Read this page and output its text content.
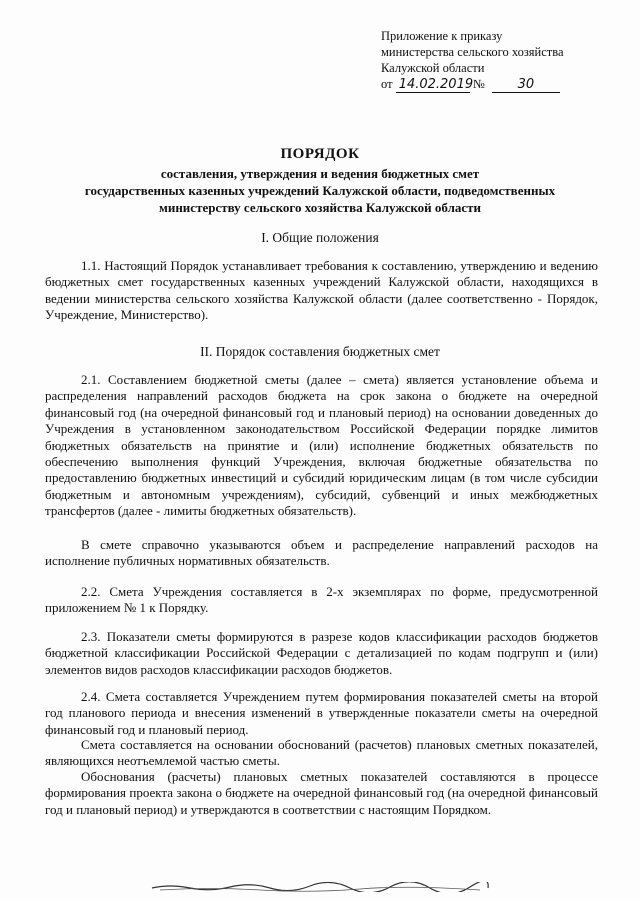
Приложение к приказу
министерства сельского хозяйства
Калужской области
от 14.02.2019 №	30
ПОРЯДОК
составления, утверждения и ведения бюджетных смет
государственных казенных учреждений Калужской области, подведомственных
министерству сельского хозяйства Калужской области
I. Общие положения

1.1. Настоящий Порядок устанавливает требования к составлению, утверждению и ведению бюджетных смет государственных казенных учреждений Калужской области, находящихся в ведении министерства сельского хозяйства Калужской области (далее соответственно - Порядок, Учреждение, Министерство).

II. Порядок составления бюджетных смет

2.1. Составлением бюджетной сметы (далее – смета) является установление объема и распределения направлений расходов бюджета на срок закона о бюджете на очередной финансовый год (на очередной финансовый год и плановый период) на основании доведенных до Учреждения в установленном законодательством Российской Федерации порядке лимитов бюджетных обязательств на принятие и (или) исполнение бюджетных обязательств по обеспечению выполнения функций Учреждения, включая бюджетные обязательства по предоставлению бюджетных инвестиций и субсидий юридическим лицам (в том числе субсидии бюджетным и автономным учреждениям), субсидий, субвенций и иных межбюджетных трансфертов (далее - лимиты бюджетных обязательств).

В смете справочно указываются объем и распределение направлений расходов на исполнение публичных нормативных обязательств.

2.2. Смета Учреждения составляется в 2-х экземплярах по форме, предусмотренной приложением № 1 к Порядку.

2.3. Показатели сметы формируются в разрезе кодов классификации расходов бюджетов бюджетной классификации Российской Федерации с детализацией по кодам подгрупп и (или) элементов видов расходов классификации расходов бюджетов.

2.4. Смета составляется Учреждением путем формирования показателей сметы на второй год планового периода и внесения изменений в утвержденные показатели сметы на очередной финансовый год и плановый период.

Смета составляется на основании обоснований (расчетов) плановых сметных показателей, являющихся неотъемлемой частью сметы.

Обоснования (расчеты) плановых сметных показателей составляются в процессе формирования проекта закона о бюджете на очередной финансовый год (на очередной финансовый год и плановый период) и утверждаются в соответствии с настоящим Порядком.
